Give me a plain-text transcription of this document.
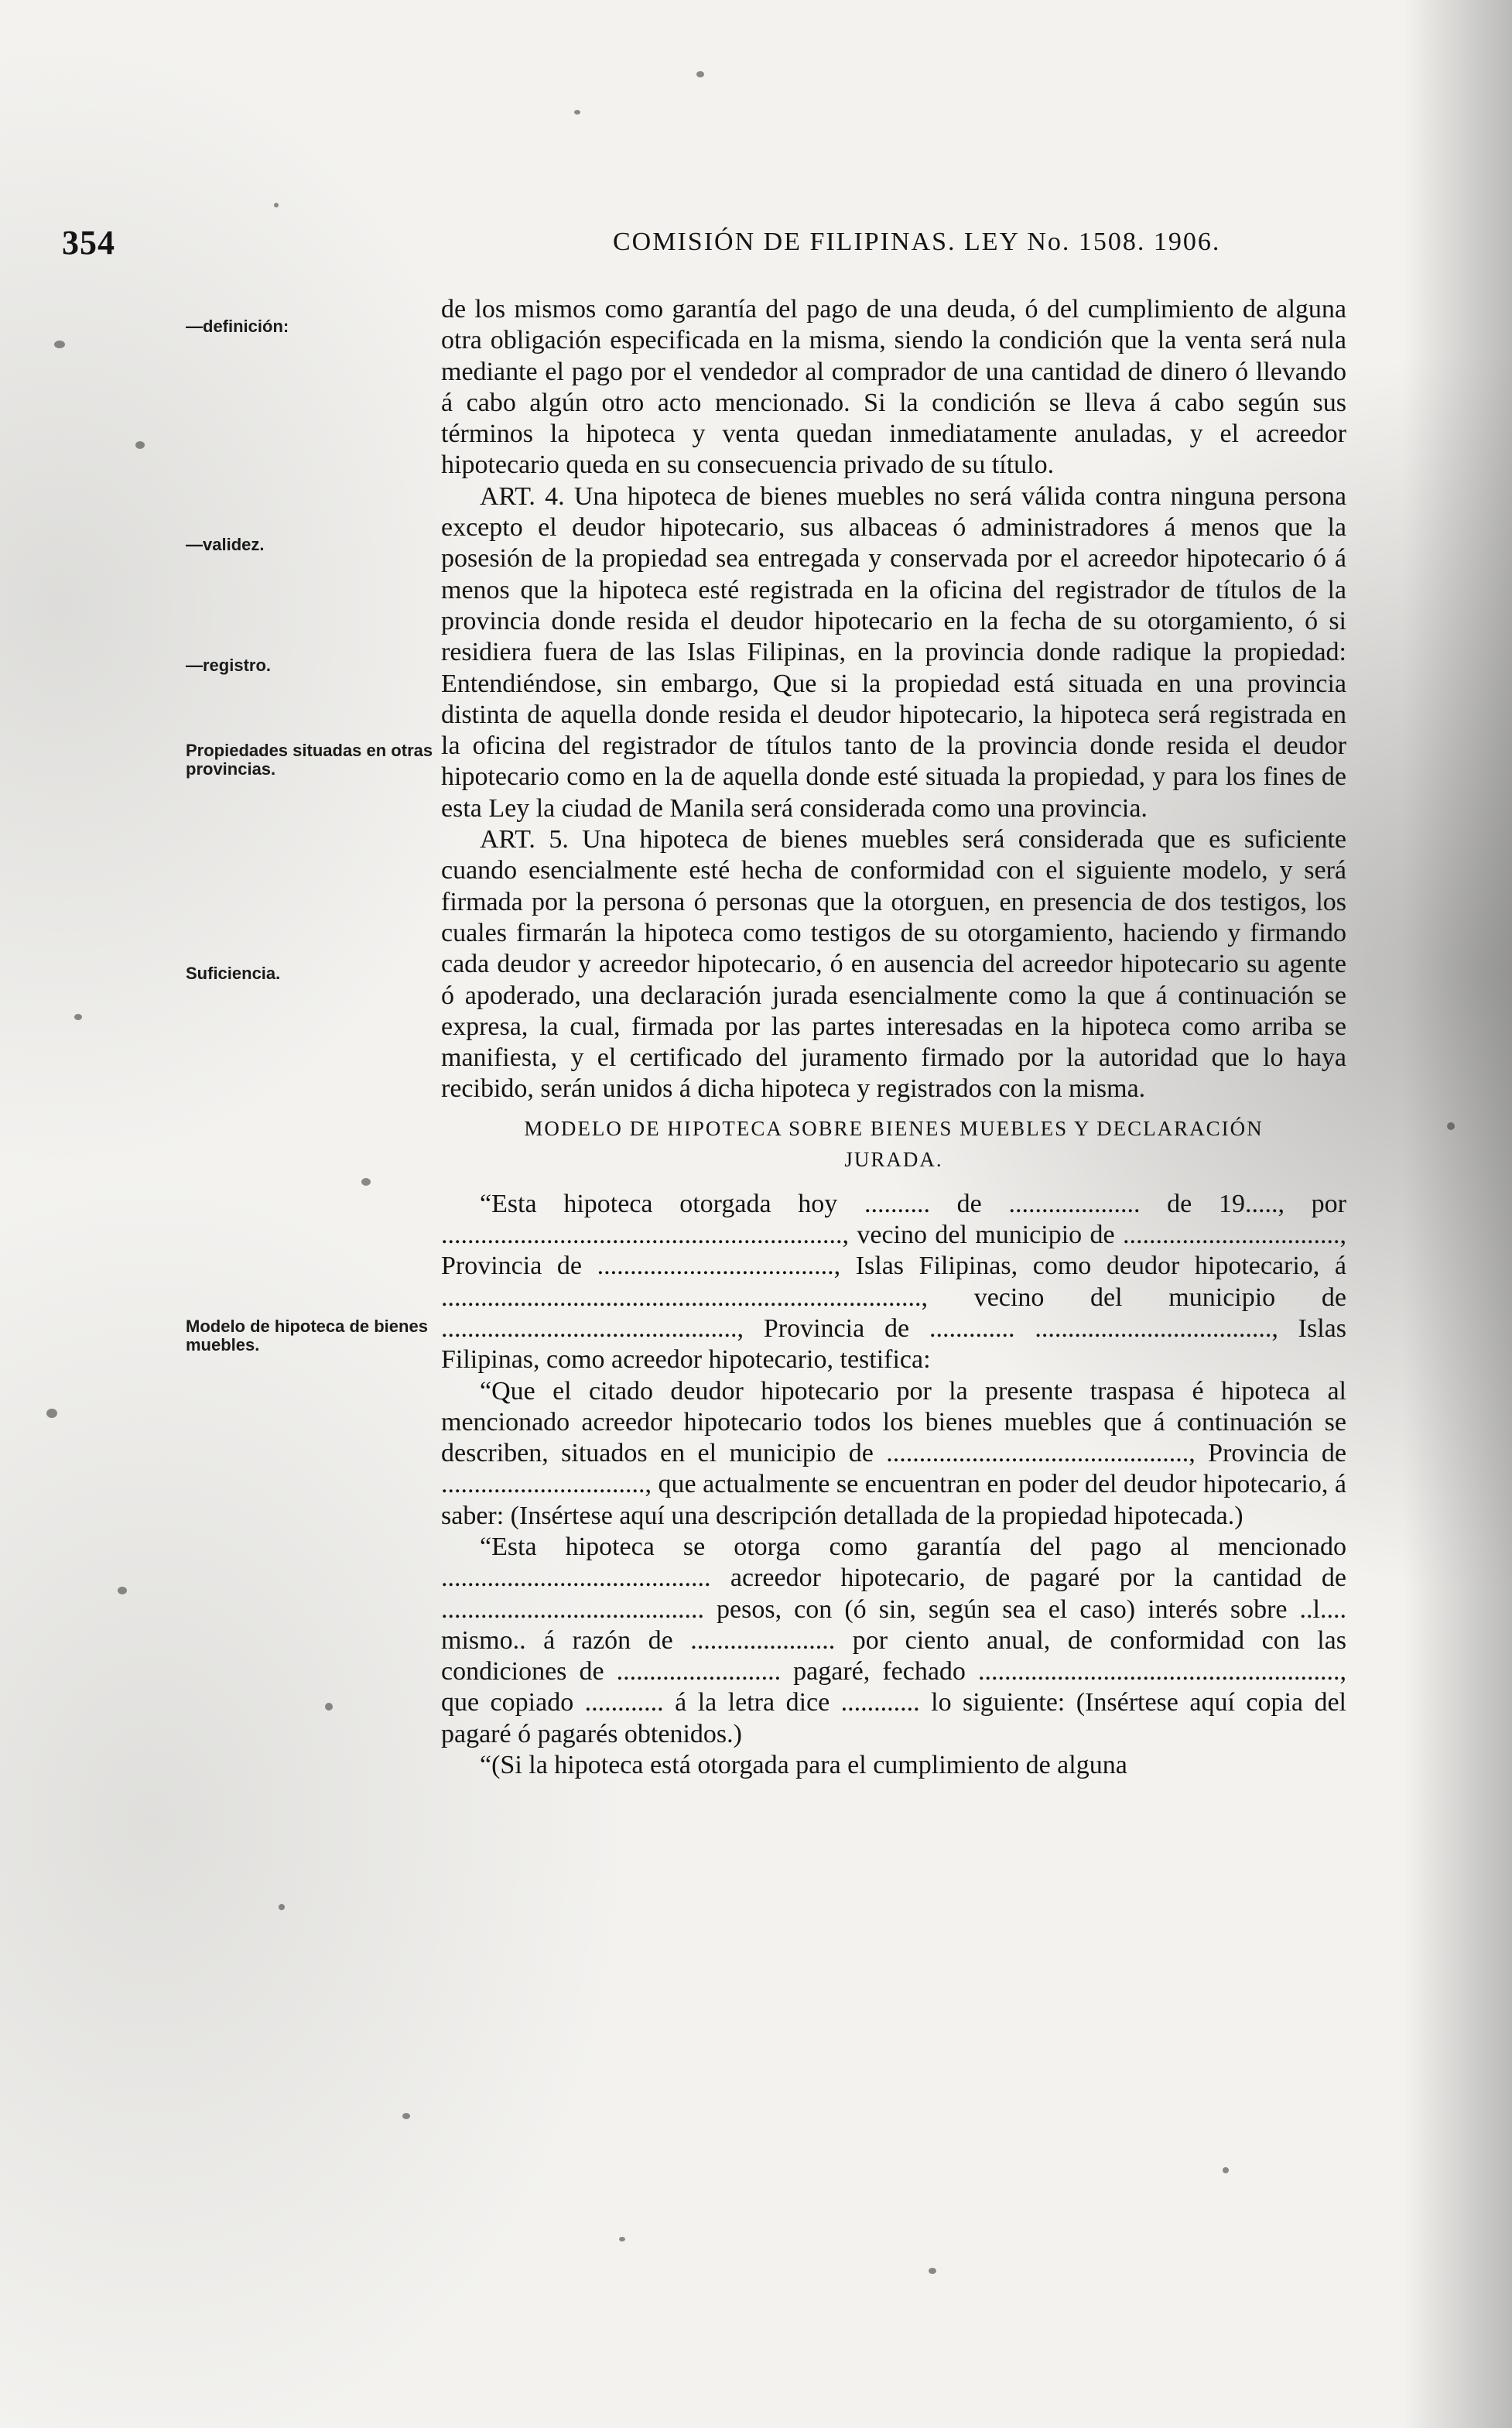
354	COMISIÓN DE FILIPINAS. LEY No. 1508. 1906.
—definición:
—validez.
—registro.
Propiedades situadas en otras provincias.
Suficiencia.
Modelo de hipoteca de bienes muebles.

de los mismos como garantía del pago de una deuda, ó del cumplimiento de alguna otra obligación especificada en la misma, siendo la condición que la venta será nula mediante el pago por el vendedor al comprador de una cantidad de dinero ó llevando á cabo algún otro acto mencionado. Si la condición se lleva á cabo según sus términos la hipoteca y venta quedan inmediatamente anuladas, y el acreedor hipotecario queda en su consecuencia privado de su título.

ART. 4. Una hipoteca de bienes muebles no será válida contra ninguna persona excepto el deudor hipotecario, sus albaceas ó administradores á menos que la posesión de la propiedad sea entregada y conservada por el acreedor hipotecario ó á menos que la hipoteca esté registrada en la oficina del registrador de títulos de la provincia donde resida el deudor hipotecario en la fecha de su otorgamiento, ó si residiera fuera de las Islas Filipinas, en la provincia donde radique la propiedad: Entendiéndose, sin embargo, Que si la propiedad está situada en una provincia distinta de aquella donde resida el deudor hipotecario, la hipoteca será registrada en la oficina del registrador de títulos tanto de la provincia donde resida el deudor hipotecario como en la de aquella donde esté situada la propiedad, y para los fines de esta Ley la ciudad de Manila será considerada como una provincia.

ART. 5. Una hipoteca de bienes muebles será considerada que es suficiente cuando esencialmente esté hecha de conformidad con el siguiente modelo, y será firmada por la persona ó personas que la otorguen, en presencia de dos testigos, los cuales firmarán la hipoteca como testigos de su otorgamiento, haciendo y firmando cada deudor y acreedor hipotecario, ó en ausencia del acreedor hipotecario su agente ó apoderado, una declaración jurada esencialmente como la que á continuación se expresa, la cual, firmada por las partes interesadas en la hipoteca como arriba se manifiesta, y el certificado del juramento firmado por la autoridad que lo haya recibido, serán unidos á dicha hipoteca y registrados con la misma.

MODELO DE HIPOTECA SOBRE BIENES MUEBLES Y DECLARACIÓN JURADA.

“Esta hipoteca otorgada hoy .......... de .................... de 19....., por ............................................................., vecino del municipio de ................................., Provincia de ...................................., Islas Filipinas, como deudor hipotecario, á ........................................................................., vecino del municipio de ............................................., Provincia de ............. ...................................., Islas Filipinas, como acreedor hipotecario, testifica:

“Que el citado deudor hipotecario por la presente traspasa é hipoteca al mencionado acreedor hipotecario todos los bienes muebles que á continuación se describen, situados en el municipio de .............................................., Provincia de ..............................., que actualmente se encuentran en poder del deudor hipotecario, á saber: (Insértese aquí una descripción detallada de la propiedad hipotecada.)

“Esta hipoteca se otorga como garantía del pago al mencionado ......................................... acreedor hipotecario, de pagaré por la cantidad de ........................................ pesos, con (ó sin, según sea el caso) interés sobre ..l.... mismo.. á razón de ...................... por ciento anual, de conformidad con las condiciones de ......................... pagaré, fechado ......................................................., que copiado ............ á la letra dice ............ lo siguiente: (Insértese aquí copia del pagaré ó pagarés obtenidos.)

“(Si la hipoteca está otorgada para el cumplimiento de alguna
